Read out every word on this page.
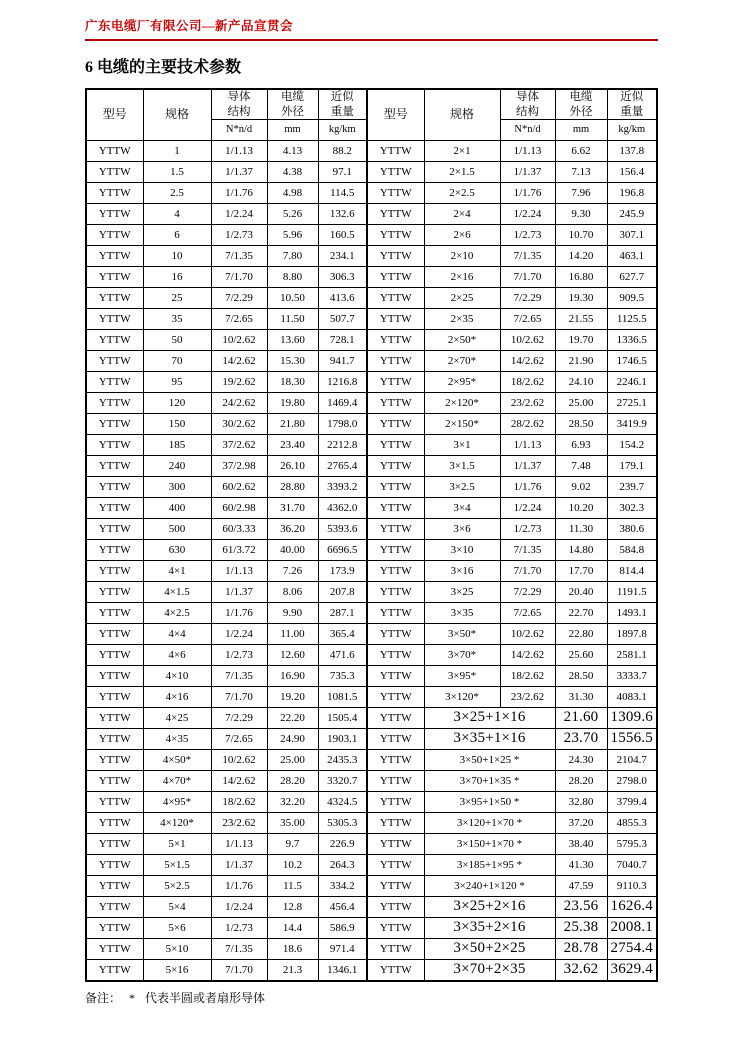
广东电缆厂有限公司—新产品宣贯会
6 电缆的主要技术参数
型号	规格	导体结构	电缆外径	近似重量	型号	规格	导体结构	电缆外径	近似重量
		N*n/d	mm	kg/km			N*n/d	mm	kg/km
YTTW	1	1/1.13	4.13	88.2	YTTW	2×1	1/1.13	6.62	137.8
YTTW	1.5	1/1.37	4.38	97.1	YTTW	2×1.5	1/1.37	7.13	156.4
YTTW	2.5	1/1.76	4.98	114.5	YTTW	2×2.5	1/1.76	7.96	196.8
YTTW	4	1/2.24	5.26	132.6	YTTW	2×4	1/2.24	9.30	245.9
YTTW	6	1/2.73	5.96	160.5	YTTW	2×6	1/2.73	10.70	307.1
YTTW	10	7/1.35	7.80	234.1	YTTW	2×10	7/1.35	14.20	463.1
YTTW	16	7/1.70	8.80	306.3	YTTW	2×16	7/1.70	16.80	627.7
YTTW	25	7/2.29	10.50	413.6	YTTW	2×25	7/2.29	19.30	909.5
YTTW	35	7/2.65	11.50	507.7	YTTW	2×35	7/2.65	21.55	1125.5
YTTW	50	10/2.62	13.60	728.1	YTTW	2×50*	10/2.62	19.70	1336.5
YTTW	70	14/2.62	15.30	941.7	YTTW	2×70*	14/2.62	21.90	1746.5
YTTW	95	19/2.62	18.30	1216.8	YTTW	2×95*	18/2.62	24.10	2246.1
YTTW	120	24/2.62	19.80	1469.4	YTTW	2×120*	23/2.62	25.00	2725.1
YTTW	150	30/2.62	21.80	1798.0	YTTW	2×150*	28/2.62	28.50	3419.9
YTTW	185	37/2.62	23.40	2212.8	YTTW	3×1	1/1.13	6.93	154.2
YTTW	240	37/2.98	26.10	2765.4	YTTW	3×1.5	1/1.37	7.48	179.1
YTTW	300	60/2.62	28.80	3393.2	YTTW	3×2.5	1/1.76	9.02	239.7
YTTW	400	60/2.98	31.70	4362.0	YTTW	3×4	1/2.24	10.20	302.3
YTTW	500	60/3.33	36.20	5393.6	YTTW	3×6	1/2.73	11.30	380.6
YTTW	630	61/3.72	40.00	6696.5	YTTW	3×10	7/1.35	14.80	584.8
YTTW	4×1	1/1.13	7.26	173.9	YTTW	3×16	7/1.70	17.70	814.4
YTTW	4×1.5	1/1.37	8.06	207.8	YTTW	3×25	7/2.29	20.40	1191.5
YTTW	4×2.5	1/1.76	9.90	287.1	YTTW	3×35	7/2.65	22.70	1493.1
YTTW	4×4	1/2.24	11.00	365.4	YTTW	3×50*	10/2.62	22.80	1897.8
YTTW	4×6	1/2.73	12.60	471.6	YTTW	3×70*	14/2.62	25.60	2581.1
YTTW	4×10	7/1.35	16.90	735.3	YTTW	3×95*	18/2.62	28.50	3333.7
YTTW	4×16	7/1.70	19.20	1081.5	YTTW	3×120*	23/2.62	31.30	4083.1
YTTW	4×25	7/2.29	22.20	1505.4	YTTW	3×25+1×16		21.60	1309.6
YTTW	4×35	7/2.65	24.90	1903.1	YTTW	3×35+1×16		23.70	1556.5
YTTW	4×50*	10/2.62	25.00	2435.3	YTTW	3×50+1×25 *		24.30	2104.7
YTTW	4×70*	14/2.62	28.20	3320.7	YTTW	3×70+1×35 *		28.20	2798.0
YTTW	4×95*	18/2.62	32.20	4324.5	YTTW	3×95+1×50 *		32.80	3799.4
YTTW	4×120*	23/2.62	35.00	5305.3	YTTW	3×120+1×70 *		37.20	4855.3
YTTW	5×1	1/1.13	9.7	226.9	YTTW	3×150+1×70 *		38.40	5795.3
YTTW	5×1.5	1/1.37	10.2	264.3	YTTW	3×185+1×95 *		41.30	7040.7
YTTW	5×2.5	1/1.76	11.5	334.2	YTTW	3×240+1×120 *		47.59	9110.3
YTTW	5×4	1/2.24	12.8	456.4	YTTW	3×25+2×16		23.56	1626.4
YTTW	5×6	1/2.73	14.4	586.9	YTTW	3×35+2×16		25.38	2008.1
YTTW	5×10	7/1.35	18.6	971.4	YTTW	3×50+2×25		28.78	2754.4
YTTW	5×16	7/1.70	21.3	1346.1	YTTW	3×70+2×35		32.62	3629.4
备注： * 代表半圆或者扇形导体
